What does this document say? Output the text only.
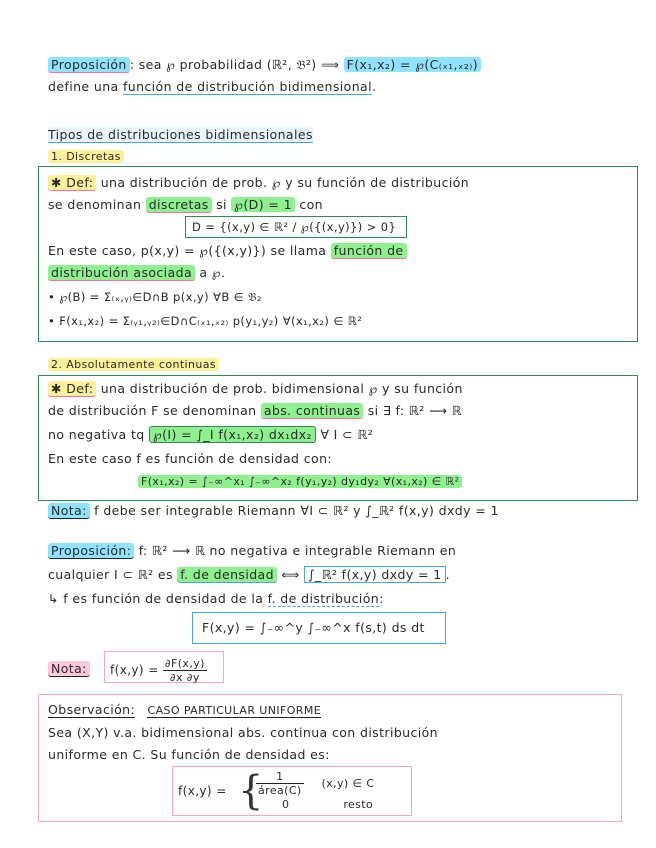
Proposición : sea ℘ probabilidad (ℝ², 𝔅²) ⟹ F(x₁,x₂) = ℘(C₍ₓ₁,ₓ₂₎)
define una función de distribución bidimensional.
Tipos de distribuciones bidimensionales
1. Discretas
✱ Def: una distribución de prob. ℘ y su función de distribución
se denominan discretas si ℘(D) = 1 con
D = {(x,y) ∈ ℝ² / ℘({(x,y)}) > 0}
En este caso, p(x,y) = ℘({(x,y)}) se llama función de
distribución asociada a ℘.
• ℘(B) = Σ₍ₓ,ᵧ₎∈D∩B p(x,y) ∀B ∈ 𝔅₂
• F(x₁,x₂) = Σ₍ᵧ₁,ᵧ₂₎∈D∩C₍ₓ₁,ₓ₂₎ p(y₁,y₂) ∀(x₁,x₂) ∈ ℝ²
2. Absolutamente continuas
✱ Def: una distribución de prob. bidimensional ℘ y su función
de distribución F se denominan abs. continuas si ∃ f: ℝ² ⟶ ℝ
no negativa tq ℘(I) = ∫_I f(x₁,x₂) dx₁dx₂ ∀ I ⊂ ℝ²
En este caso f es función de densidad con:
F(x₁,x₂) = ∫₋∞^x₁ ∫₋∞^x₂ f(y₁,y₂) dy₁dy₂ ∀(x₁,x₂) ∈ ℝ²
Nota: f debe ser integrable Riemann ∀I ⊂ ℝ² y ∫_ℝ² f(x,y) dxdy = 1
Proposición: f: ℝ² ⟶ ℝ no negativa e integrable Riemann en
cualquier I ⊂ ℝ² es f. de densidad ⟺ ∫_ℝ² f(x,y) dxdy = 1 .
↳ f es función de densidad de la f. de distribución:
F(x,y) = ∫₋∞^y ∫₋∞^x f(s,t) ds dt
Nota: $f(x,y) = \frac{\partial F(x,y)}{\partial x \partial y}$
Observación: CASO PARTICULAR UNIFORME
Sea (X,Y) v.a. bidimensional abs. continua con distribución
uniforme en C. Su función de densidad es:
f(x,y) = {
$\frac{1}{\text{área(C)}} (x,y)$ ∈ C
0	resto
